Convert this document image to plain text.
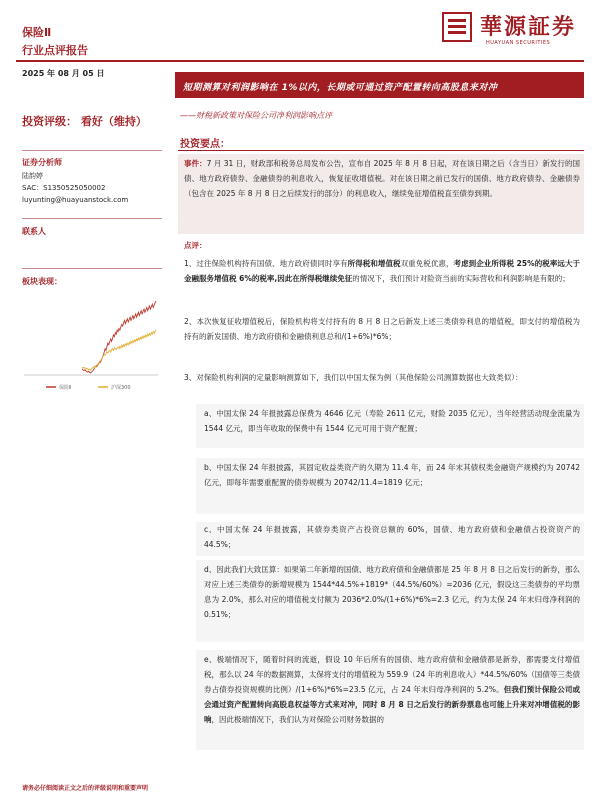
華源証券
HUAYUAN SECURITIES
保险Ⅱ
行业点评报告
2025 年 08 月 05 日
短期测算对利润影响在 1%以内，长期或可通过资产配置转向高股息来对冲
投资评级： 看好（维持）	——财税新政策对保险公司净利润影响点评
证券分析师
陆韵婷
SAC：S1350525050002
luyunting@huayuanstock.com
联系人
板块表现：
保险Ⅱ	沪深300
投资要点：
事件：7 月 31 日，财政部和税务总局发布公告，宣布自 2025 年 8 月 8 日起，对在该日期之后（含当日）新发行的国债、地方政府债券、金融债券的利息收入，恢复征收增值税。对在该日期之前已发行的国债、地方政府债券、金融债券（包含在 2025 年 8 月 8 日之后续发行的部分）的利息收入，继续免征增值税直至债券到期。
点评：
1、过往保险机构持有国债、地方政府债同时享有所得税和增值税双重免税优惠，考虑到企业所得税 25%的税率远大于金融服务增值税 6%的税率,因此在所得税继续免征的情况下，我们预计对险资当前的实际营收和利润影响是有限的；
2、本次恢复征收增值税后，保险机构将支付持有的 8 月 8 日之后新发上述三类债券利息的增值税，即支付的增值税为持有的新发国债、地方政府债和金融债利息总和/(1+6%)*6%；
3、对保险机构利润的定量影响测算如下，我们以中国太保为例（其他保险公司测算数据也大致类似）：
a、中国太保 24 年报披露总保费为 4646 亿元（寿险 2611 亿元，财险 2035 亿元），当年经营活动现金流量为 1544 亿元，即当年收取的保费中有 1544 亿元可用于资产配置；
b、中国太保 24 年报披露，其固定收益类资产的久期为 11.4 年，而 24 年末其债权类金融资产规模约为 20742 亿元，即每年需要重配置的债券规模为 20742/11.4=1819 亿元；
c、中国太保 24 年报披露，其债券类资产占投资总额的 60%，国债、地方政府债和金融债占投资资产的 44.5%；
d、因此我们大致匡算：如果第二年新增的国债、地方政府债和金融债都是 25 年 8 月 8 日之后发行的新券，那么对应上述三类债券的新增规模为 1544*44.5%+1819*（44.5%/60%）=2036 亿元，假设这三类债券的平均票息为 2.0%，那么对应的增值税支付额为 2036*2.0%/(1+6%)*6%=2.3 亿元，约为太保 24 年末归母净利润的 0.51%；
e、极端情况下，随着时间的流逝，假设 10 年后所有的国债、地方政府债和金融债都是新券，都需要支付增值税，那么以 24 年的数据测算，太保将支付的增值税为 559.9（24 年的利息收入）*44.5%/60%（国债等三类债券占债券投资规模的比例）/(1+6%)*6%=23.5 亿元，占 24 年末归母净利润的 5.2%。但我们预计保险公司或会通过资产配置转向高股息权益等方式来对冲，同时 8 月 8 日之后发行的新券票息也可能上升来对冲增值税的影响，因此极端情况下，我们认为对保险公司财务数据的
请务必仔细阅读正文之后的评级说明和重要声明
